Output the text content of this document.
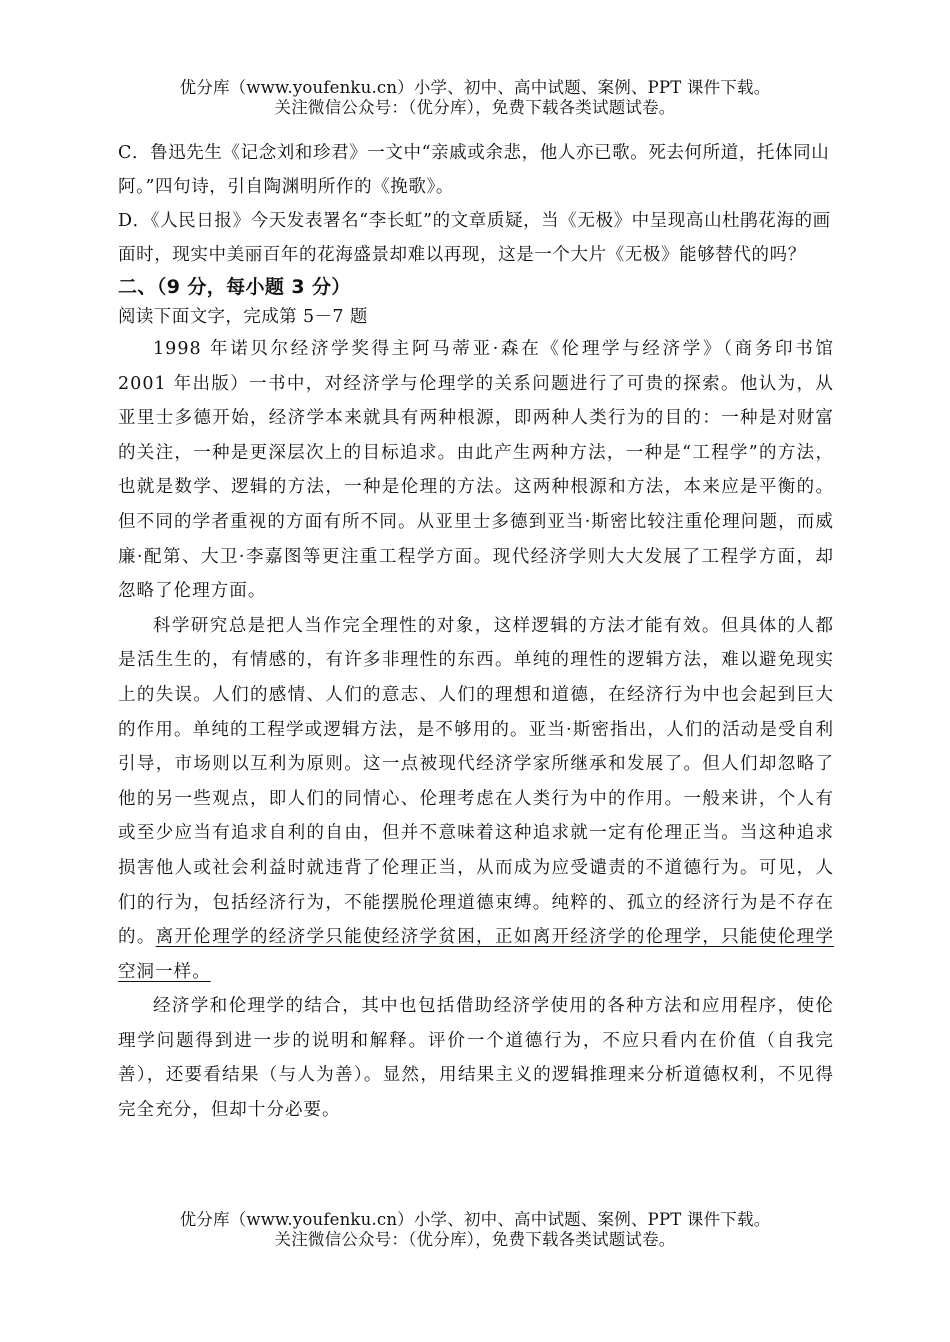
优分库（www.youfenku.cn）小学、初中、高中试题、案例、PPT 课件下载。
关注微信公众号：（优分库），免费下载各类试题试卷。

C．鲁迅先生《记念刘和珍君》一文中“亲戚或余悲，他人亦已歌。死去何所道，托体同山阿。”四句诗，引自陶渊明所作的《挽歌》。

D．《人民日报》今天发表署名“李长虹”的文章质疑，当《无极》中呈现高山杜鹃花海的画面时，现实中美丽百年的花海盛景却难以再现，这是一个大片《无极》能够替代的吗？

二、（9 分，每小题 3 分）

阅读下面文字，完成第 5－7 题

1998 年诺贝尔经济学奖得主阿马蒂亚·森在《伦理学与经济学》（商务印书馆 2001 年出版）一书中，对经济学与伦理学的关系问题进行了可贵的探索。他认为，从亚里士多德开始，经济学本来就具有两种根源，即两种人类行为的目的：一种是对财富的关注，一种是更深层次上的目标追求。由此产生两种方法，一种是“工程学”的方法，也就是数学、逻辑的方法，一种是伦理的方法。这两种根源和方法，本来应是平衡的。但不同的学者重视的方面有所不同。从亚里士多德到亚当·斯密比较注重伦理问题，而威廉·配第、大卫·李嘉图等更注重工程学方面。现代经济学则大大发展了工程学方面，却忽略了伦理方面。

科学研究总是把人当作完全理性的对象，这样逻辑的方法才能有效。但具体的人都是活生生的，有情感的，有许多非理性的东西。单纯的理性的逻辑方法，难以避免现实上的失误。人们的感情、人们的意志、人们的理想和道德，在经济行为中也会起到巨大的作用。单纯的工程学或逻辑方法，是不够用的。亚当·斯密指出，人们的活动是受自利引导，市场则以互利为原则。这一点被现代经济学家所继承和发展了。但人们却忽略了他的另一些观点，即人们的同情心、伦理考虑在人类行为中的作用。一般来讲，个人有或至少应当有追求自利的自由，但并不意味着这种追求就一定有伦理正当。当这种追求损害他人或社会利益时就违背了伦理正当，从而成为应受谴责的不道德行为。可见，人们的行为，包括经济行为，不能摆脱伦理道德束缚。纯粹的、孤立的经济行为是不存在的。离开伦理学的经济学只能使经济学贫困，正如离开经济学的伦理学，只能使伦理学空洞一样。

经济学和伦理学的结合，其中也包括借助经济学使用的各种方法和应用程序，使伦理学问题得到进一步的说明和解释。评价一个道德行为，不应只看内在价值（自我完善），还要看结果（与人为善）。显然，用结果主义的逻辑推理来分析道德权利，不见得完全充分，但却十分必要。

优分库（www.youfenku.cn）小学、初中、高中试题、案例、PPT 课件下载。
关注微信公众号：（优分库），免费下载各类试题试卷。
